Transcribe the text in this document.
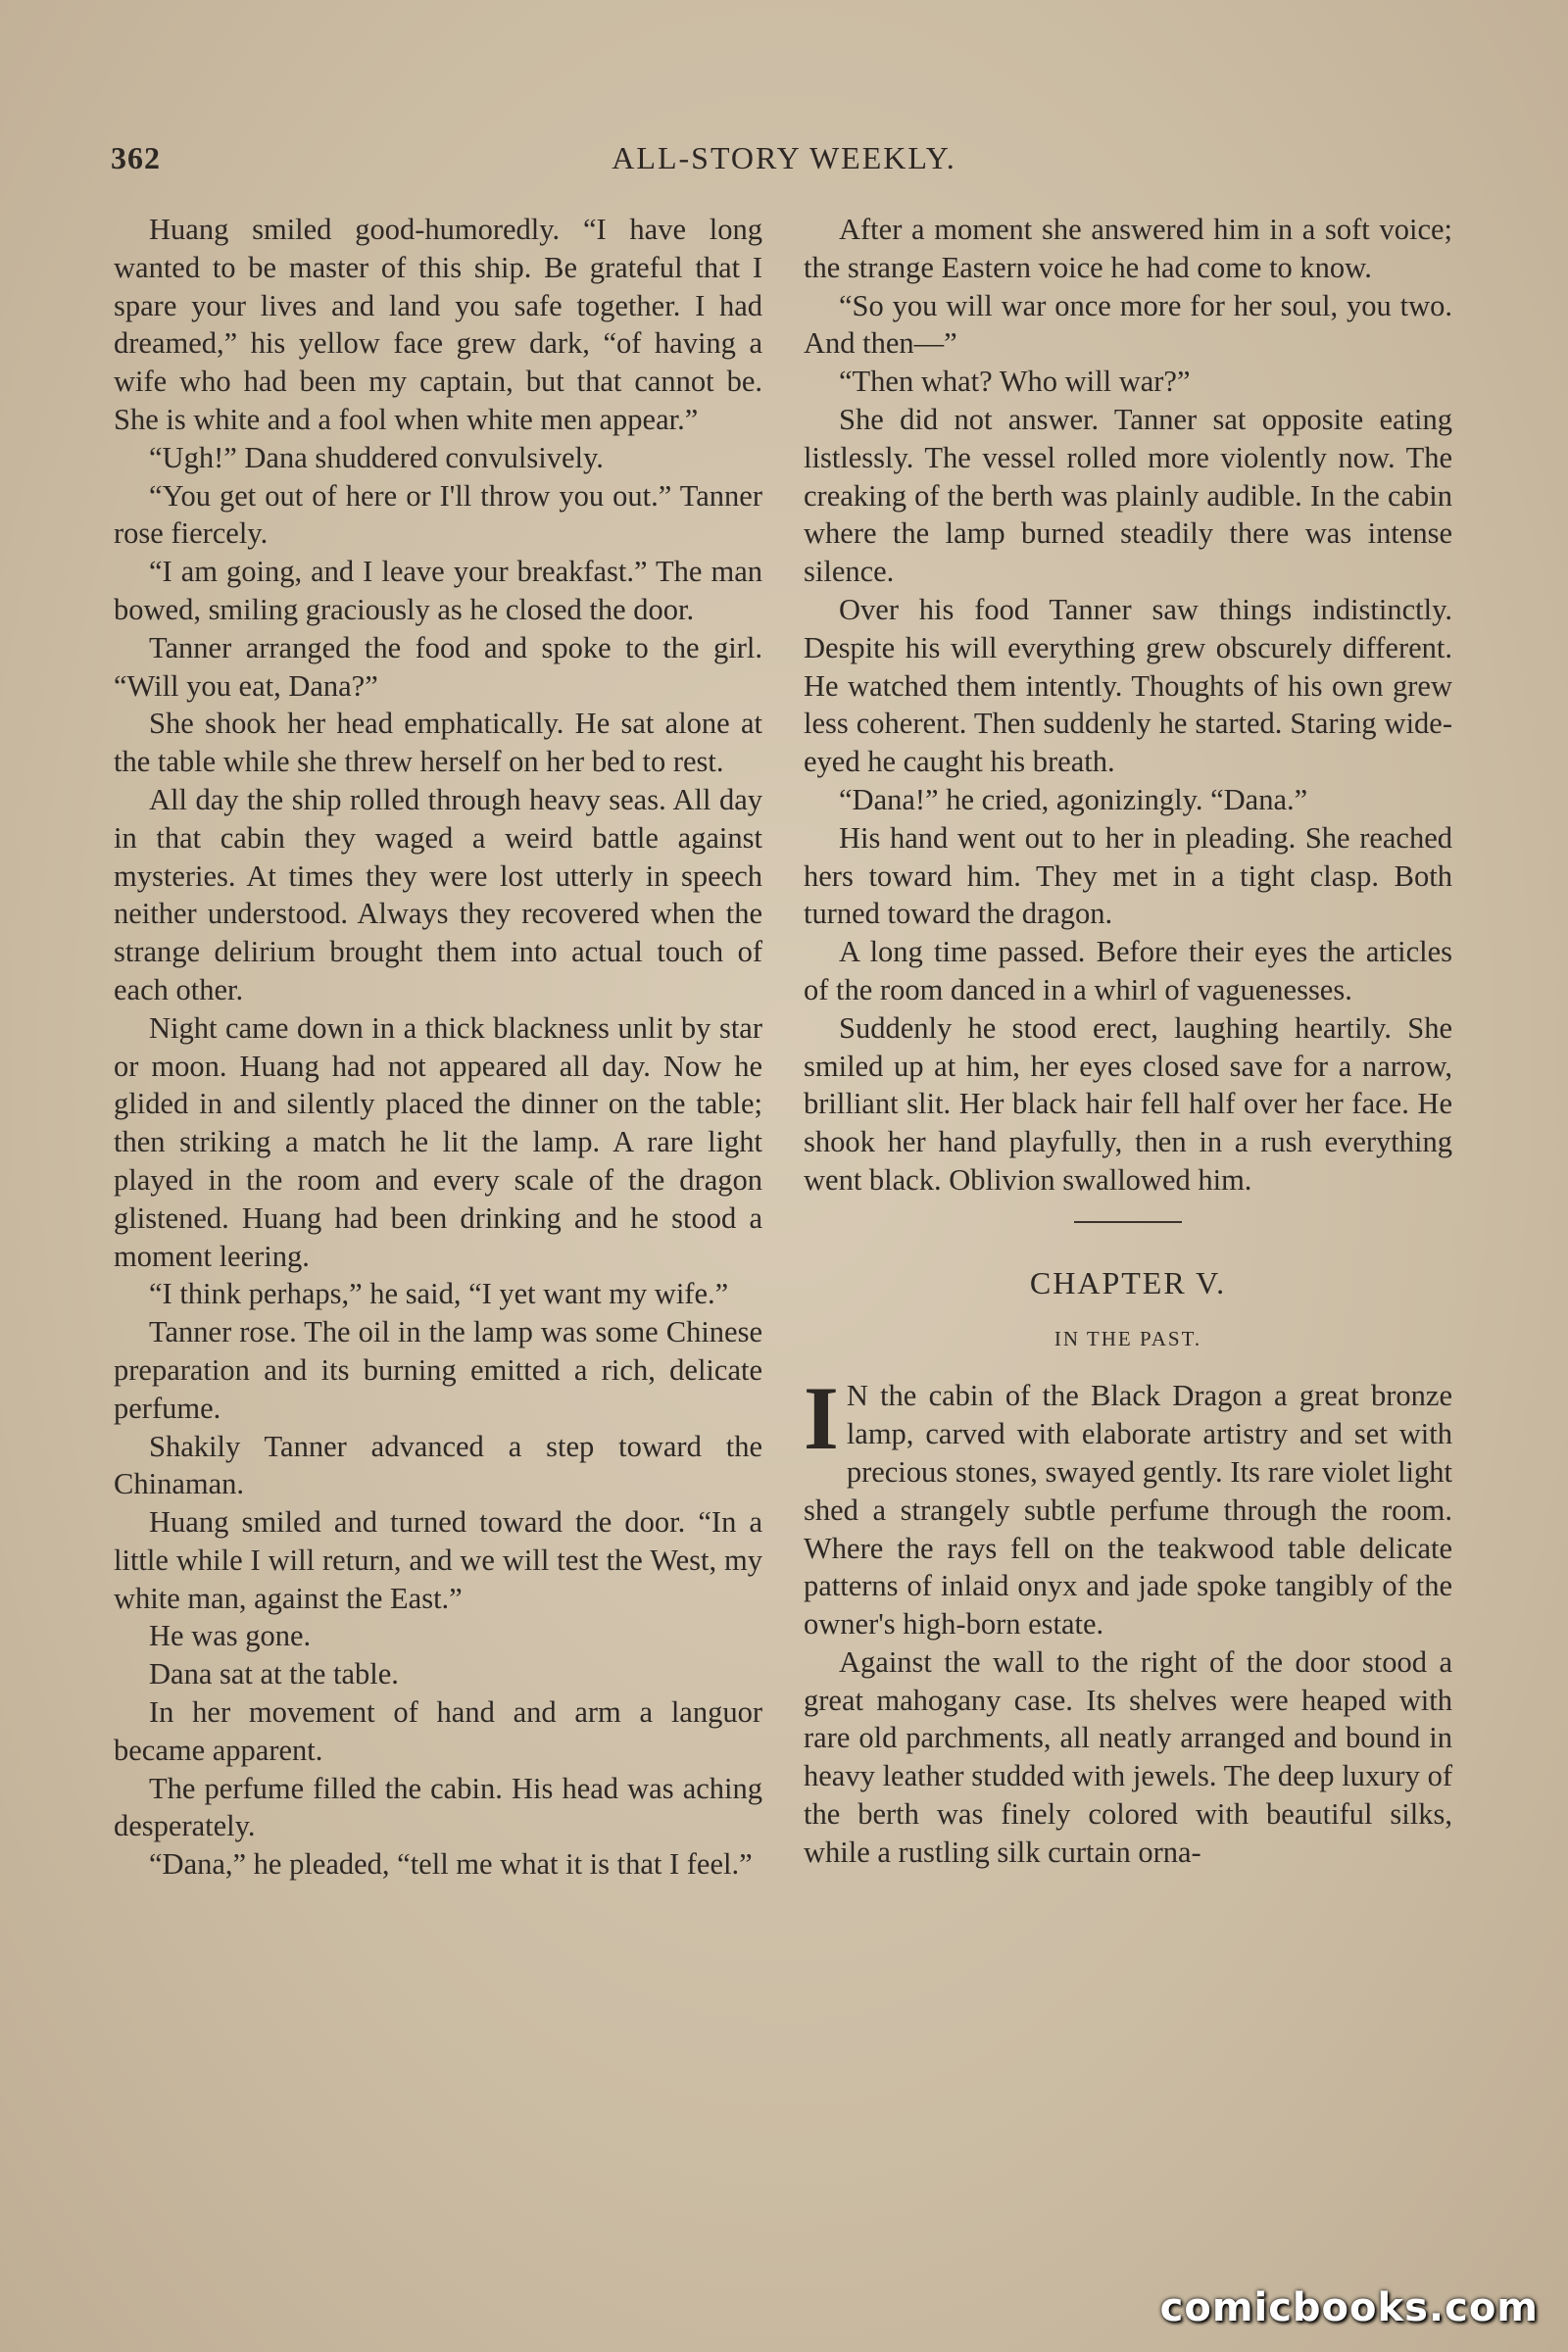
362	ALL-STORY WEEKLY.

Huang smiled good-humoredly. “I have long wanted to be master of this ship. Be grateful that I spare your lives and land you safe together. I had dreamed,” his yellow face grew dark, “of having a wife who had been my captain, but that cannot be. She is white and a fool when white men appear.”

“Ugh!” Dana shuddered convulsively.

“You get out of here or I'll throw you out.” Tanner rose fiercely.

“I am going, and I leave your breakfast.” The man bowed, smiling graciously as he closed the door.

Tanner arranged the food and spoke to the girl. “Will you eat, Dana?”

She shook her head emphatically. He sat alone at the table while she threw herself on her bed to rest.

All day the ship rolled through heavy seas. All day in that cabin they waged a weird battle against mysteries. At times they were lost utterly in speech neither understood. Always they recovered when the strange delirium brought them into actual touch of each other.

Night came down in a thick blackness unlit by star or moon. Huang had not appeared all day. Now he glided in and silently placed the dinner on the table; then striking a match he lit the lamp. A rare light played in the room and every scale of the dragon glistened. Huang had been drinking and he stood a moment leering.

“I think perhaps,” he said, “I yet want my wife.”

Tanner rose. The oil in the lamp was some Chinese preparation and its burning emitted a rich, delicate perfume.

Shakily Tanner advanced a step toward the Chinaman.

Huang smiled and turned toward the door. “In a little while I will return, and we will test the West, my white man, against the East.”

He was gone.

Dana sat at the table.

In her movement of hand and arm a languor became apparent.

The perfume filled the cabin. His head was aching desperately.

“Dana,” he pleaded, “tell me what it is that I feel.”

After a moment she answered him in a soft voice; the strange Eastern voice he had come to know.

“So you will war once more for her soul, you two. And then—”

“Then what? Who will war?”

She did not answer. Tanner sat opposite eating listlessly. The vessel rolled more violently now. The creaking of the berth was plainly audible. In the cabin where the lamp burned steadily there was intense silence.

Over his food Tanner saw things indistinctly. Despite his will everything grew obscurely different. He watched them intently. Thoughts of his own grew less coherent. Then suddenly he started. Staring wide-eyed he caught his breath.

“Dana!” he cried, agonizingly. “Dana.”

His hand went out to her in pleading. She reached hers toward him. They met in a tight clasp. Both turned toward the dragon.

A long time passed. Before their eyes the articles of the room danced in a whirl of vaguenesses.

Suddenly he stood erect, laughing heartily. She smiled up at him, her eyes closed save for a narrow, brilliant slit. Her black hair fell half over her face. He shook her hand playfully, then in a rush everything went black. Oblivion swallowed him.

CHAPTER V.
IN THE PAST.

I N the cabin of the Black Dragon a great bronze lamp, carved with elaborate artistry and set with precious stones, swayed gently. Its rare violet light shed a strangely subtle perfume through the room. Where the rays fell on the teakwood table delicate patterns of inlaid onyx and jade spoke tangibly of the owner's high-born estate.

Against the wall to the right of the door stood a great mahogany case. Its shelves were heaped with rare old parchments, all neatly arranged and bound in heavy leather studded with jewels. The deep luxury of the berth was finely colored with beautiful silks, while a rustling silk curtain orna-

comicbooks.com
